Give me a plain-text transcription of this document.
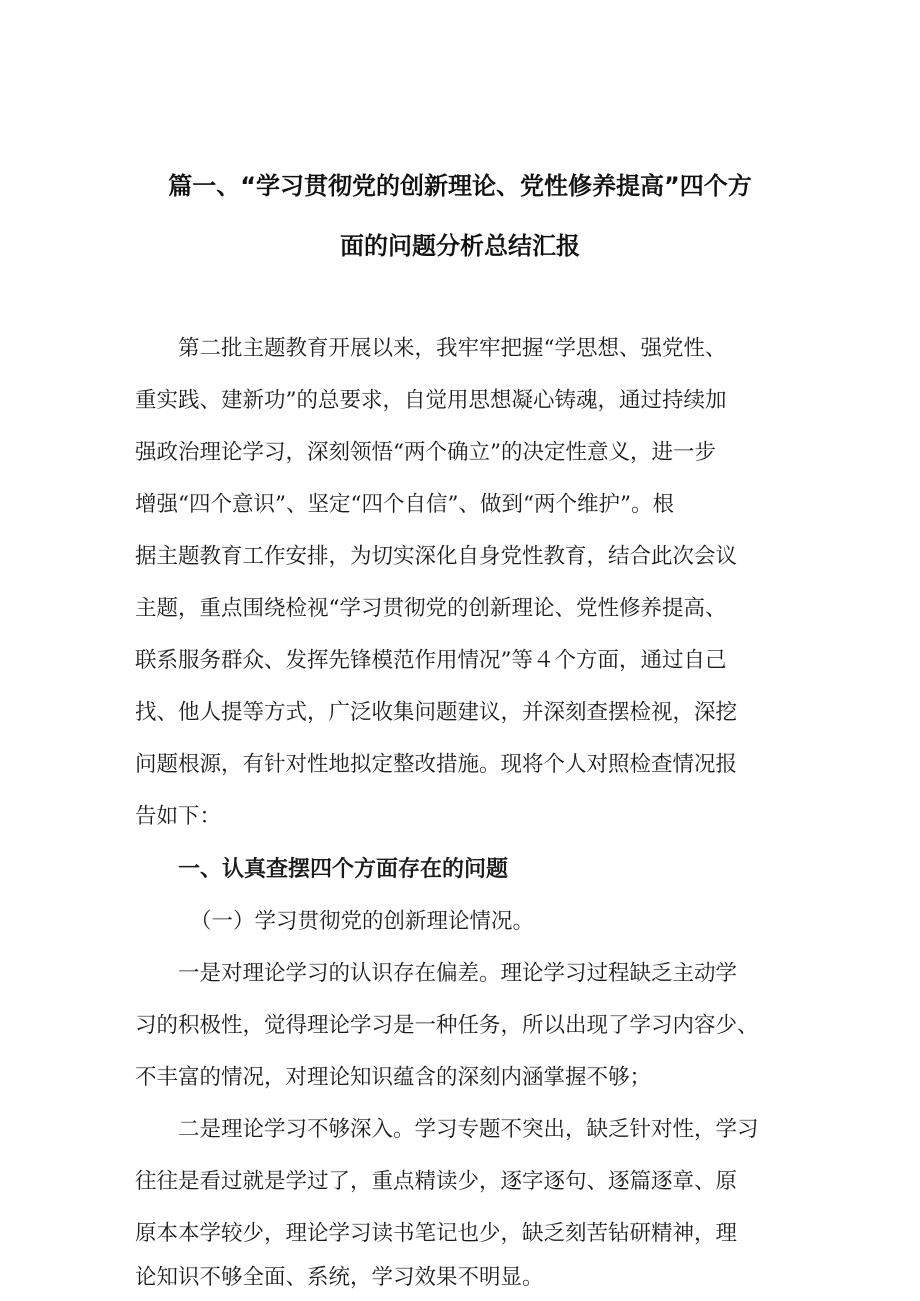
篇一、“学习贯彻党的创新理论、党性修养提高”四个方
面的问题分析总结汇报
第二批主题教育开展以来，我牢牢把握“学思想、强党性、
重实践、建新功”的总要求，自觉用思想凝心铸魂，通过持续加
强政治理论学习，深刻领悟“两个确立”的决定性意义，进一步
增强“四个意识”、坚定“四个自信”、做到“两个维护”。根
据主题教育工作安排，为切实深化自身党性教育，结合此次会议
主题，重点围绕检视“学习贯彻党的创新理论、党性修养提高、
联系服务群众、发挥先锋模范作用情况”等４个方面，通过自己
找、他人提等方式，广泛收集问题建议，并深刻查摆检视，深挖
问题根源，有针对性地拟定整改措施。现将个人对照检查情况报
告如下：
一、认真查摆四个方面存在的问题
（一）学习贯彻党的创新理论情况。
一是对理论学习的认识存在偏差。理论学习过程缺乏主动学
习的积极性，觉得理论学习是一种任务，所以出现了学习内容少、
不丰富的情况，对理论知识蕴含的深刻内涵掌握不够；
二是理论学习不够深入。学习专题不突出，缺乏针对性，学习
往往是看过就是学过了，重点精读少，逐字逐句、逐篇逐章、原
原本本学较少，理论学习读书笔记也少，缺乏刻苦钻研精神，理
论知识不够全面、系统，学习效果不明显。
